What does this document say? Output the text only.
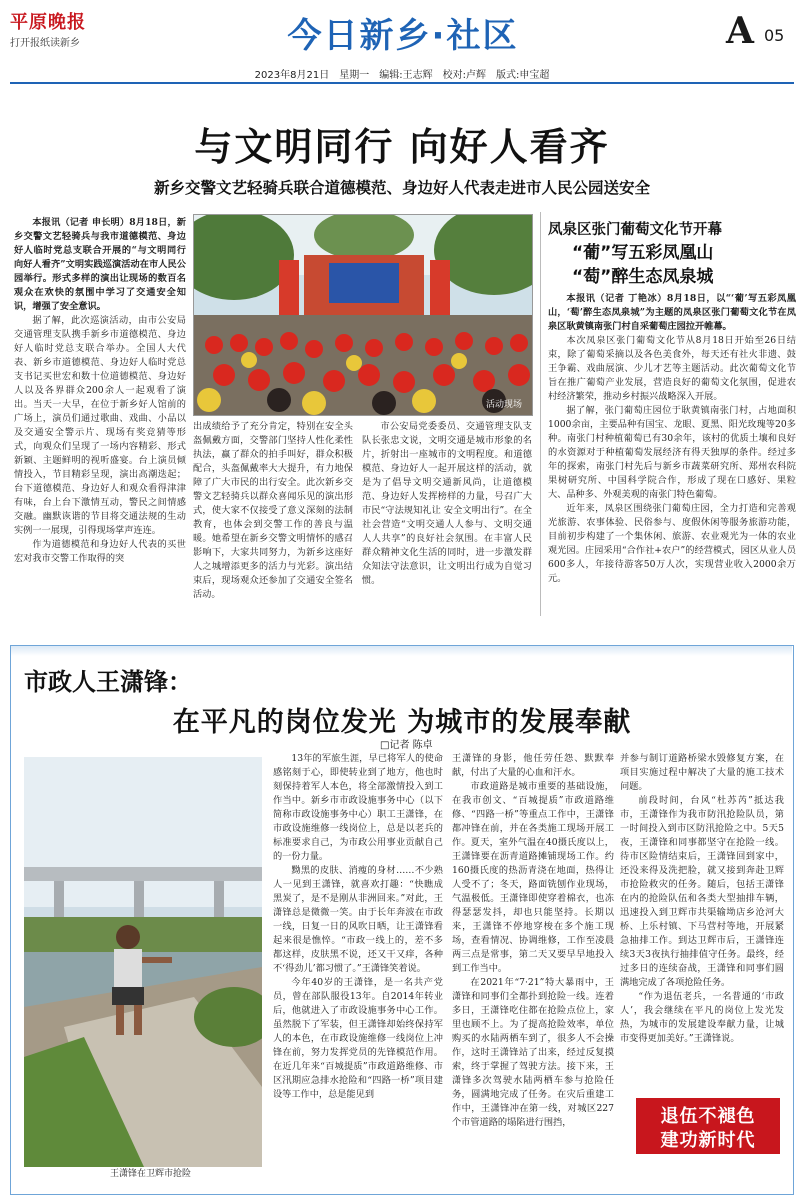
平原晚报
打开报纸读新乡	今日新乡·社区	A 05
2023年8月21日　星期一　编辑:王志辉　校对:卢辉　版式:申宝超
与文明同行 向好人看齐
新乡交警文艺轻骑兵联合道德模范、身边好人代表走进市人民公园送安全

本报讯（记者 申长明）8月18日，新乡交警文艺轻骑兵与我市道德模范、身边好人临时党总支联合开展的“与文明同行 向好人看齐”文明实践巡演活动在市人民公园举行。形式多样的演出让现场的数百名观众在欢快的氛围中学习了交通安全知识，增强了安全意识。

据了解，此次巡演活动，由市公安局交通管理支队携手新乡市道德模范、身边好人临时党总支联合举办。全国人大代表、新乡市道德模范、身边好人临时党总支书记买世宏和数十位道德模范、身边好人以及各界群众200余人一起观看了演出。当天一大早，在位于新乡好人馆前的广场上，演员们通过歌曲、戏曲、小品以及交通安全警示片、现场有奖竞猜等形式，向观众们呈现了一场内容精彩、形式新颖、主题鲜明的视听盛宴。台上演员倾情投入，节目精彩呈现，演出高潮迭起；台下道德模范、身边好人和观众看得津津有味，台上台下激情互动，警民之间情感交融。幽默诙谐的节目将交通法规的生动实例一一展现，引得现场掌声连连。

作为道德模范和身边好人代表的买世宏对我市交警工作取得的突

活动现场

出成绩给予了充分肯定，特别在安全头盔佩戴方面，交警部门坚持人性化柔性执法，赢了群众的拍手叫好，群众积极配合，头盔佩戴率大大提升，有力地保障了广大市民的出行安全。此次新乡交警文艺轻骑兵以群众喜闻乐见的演出形式，使大家不仅接受了意义深刻的法制教育，也体会到交警工作的善良与温暖。她希望在新乡交警文明情怀的感召影响下，大家共同努力，为新乡这座好人之城增添更多的活力与光彩。演出结束后，现场观众还参加了交通安全签名活动。

市公安局党委委员、交通管理支队支队长张忠文说，文明交通是城市形象的名片，折射出一座城市的文明程度。和道德模范、身边好人一起开展这样的活动，就是为了倡导文明交通新风尚，让道德模范、身边好人发挥榜样的力量，号召广大市民“守法规知礼让 安全文明出行”。在全社会营造“文明交通人人参与、文明交通人人共享”的良好社会氛围。在丰富人民群众精神文化生活的同时，进一步激发群众知法守法意识，让文明出行成为自觉习惯。

凤泉区张门葡萄文化节开幕
“葡”写五彩凤凰山
“萄”醉生态凤泉城

本报讯（记者 丁艳冰）8月18日，以“‘葡’写五彩凤凰山，‘萄’醉生态凤泉城”为主题的凤泉区张门葡萄文化节在凤泉区耿黄镇南张门村自采葡萄庄园拉开帷幕。

本次凤泉区张门葡萄文化节从8月18日开始至26日结束，除了葡萄采摘以及各色美食外，每天还有社火非遗、鼓王争霸、戏曲展演、少儿才艺等主题活动。此次葡萄文化节旨在推广葡萄产业发展，营造良好的葡萄文化氛围，促进农村经济繁荣，推动乡村振兴战略深入开展。

据了解，张门葡萄庄园位于耿黄镇南张门村，占地面积1000余亩，主要品种有国宝、龙眼、夏黑、阳光玫瑰等20多种。南张门村种植葡萄已有30余年，该村的优质土壤和良好的水资源对于种植葡萄发展经济有得天独厚的条件。经过多年的探索，南张门村先后与新乡市蔬菜研究所、郑州农科院果树研究所、中国科学院合作，形成了现在口感好、果粒大、品种多、外观美观的南张门特色葡萄。

近年来，凤泉区围绕张门葡萄庄园，全力打造和完善观光旅游、农事体验、民俗参与、度假休闲等服务旅游功能，目前初步构建了一个集休闲、旅游、农业观光为一体的农业观光园。庄园采用“合作社+农户”的经营模式，园区从业人员600多人，年接待游客50万人次，实现营业收入2000余万元。

市政人王潇锋：
在平凡的岗位发光 为城市的发展奉献
□记者 陈卓
王潇锋在卫辉市抢险

13年的军旅生涯，早已将军人的使命感铭刻于心，即使转业到了地方，他也时刻保持着军人本色，将全部激情投入到工作当中。新乡市市政设施事务中心（以下简称市政设施事务中心）职工王潇锋，在市政设施维修一线岗位上，总是以老兵的标准要求自己，为市政公用事业贡献自己的一份力量。

黝黑的皮肤、消瘦的身材……不少熟人一见到王潇锋，就喜欢打趣：“快瞧成黑炭了，是不是刚从非洲回来。”对此，王潇锋总是微微一笑。由于长年奔波在市政一线，日复一日的风吹日晒，让王潇锋看起来很是憔悴。“市政一线上的，差不多都这样，皮肤黑不说，还又干又痒，各种不‘得劲儿’都习惯了。”王潇锋笑着说。

今年40岁的王潇锋，是一名共产党员，曾在部队服役13年。自2014年转业后，他就进入了市政设施事务中心工作。虽然脱下了军装，但王潇锋却始终保持军人的本色，在市政设施维修一线岗位上冲锋在前，努力发挥党员的先锋模范作用。在近几年来“百城提质”市政道路维修、市区汛期应急排水抢险和“四路一桥”项目建设等工作中，总是能见到

王潇锋的身影，他任劳任怨、默默奉献，付出了大量的心血和汗水。

市政道路是城市重要的基础设施，在我市创文、“百城提质”市政道路维修、“四路一桥”等重点工作中，王潇锋都冲锋在前，并在各类施工现场开展工作。夏天，室外气温在40摄氏度以上，王潇锋要在沥青道路摊铺现场工作。约160摄氏度的热沥青浇在地面，热得让人受不了；冬天，路面铣刨作业现场，气温极低。王潇锋即使穿着棉衣，也冻得瑟瑟发抖，却也只能坚持。长期以来，王潇锋不停地穿梭在多个施工现场，查看情况、协调维修，工作至凌晨两三点是常事，第二天又要早早地投入到工作当中。

在2021年“7·21”特大暴雨中，王潇锋和同事们全都扑到抢险一线。连着多日，王潇锋吃住都在抢险点位上，家里也顾不上。为了提高抢险效率，单位购买的水陆两栖车到了，很多人不会操作，这时王潇锋站了出来，经过反复摸索，终于掌握了驾驶方法。接下来，王潇锋多次驾驶水陆两栖车参与抢险任务，圆满地完成了任务。在灾后重建工作中，王潇锋冲在第一线，对城区227个市管道路的塌陷进行围挡，

并参与制订道路桥梁水毁修复方案，在项目实施过程中解决了大量的施工技术问题。

前段时间，台风“杜苏芮”抵达我市，王潇锋作为我市防汛抢险队员，第一时间投入到市区防汛抢险之中。5天5夜，王潇锋和同事都坚守在抢险一线。待市区险情结束后，王潇锋回到家中，还没来得及洗把脸，就又接到奔赴卫辉市抢险救灾的任务。随后，包括王潇锋在内的抢险队伍和各类大型抽排车辆，迅速投入到卫辉市共渠输坳店乡沧河大桥、上乐村镇、下马营村等地，开展紧急抽排工作。到达卫辉市后，王潇锋连续3天3夜执行抽排值守任务。最终，经过多日的连续奋战，王潇锋和同事们圆满地完成了各项抢险任务。

“作为退伍老兵，一名普通的‘市政人’，我会继续在平凡的岗位上发光发热，为城市的发展建设奉献力量，让城市变得更加美好。”王潇锋说。

退伍不褪色
建功新时代
